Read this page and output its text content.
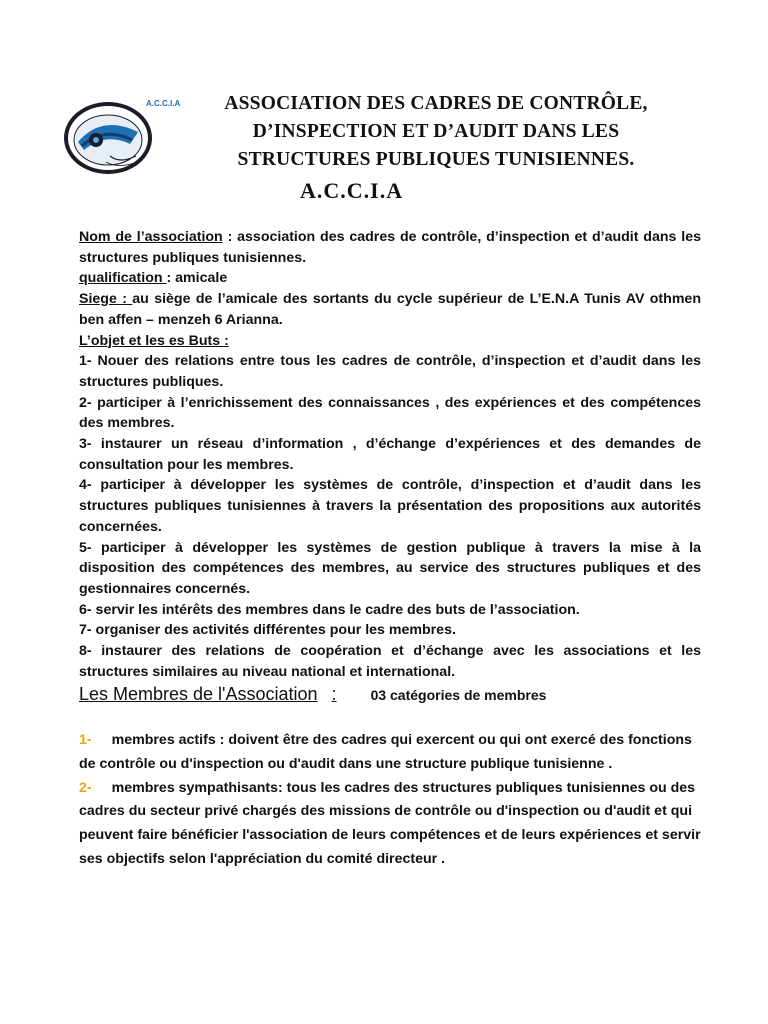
A.C.C.I.A	ASSOCIATION DES CADRES DE CONTRÔLE,
D’INSPECTION ET D’AUDIT DANS LES
STRUCTURES PUBLIQUES TUNISIENNES.
A.C.C.I.A

Nom de l’association : association des cadres de contrôle, d’inspection et d’audit dans les structures publiques tunisiennes.

qualification : amicale

Siege : au siège de l’amicale des sortants du cycle supérieur de L’E.N.A Tunis AV othmen ben affen – menzeh 6 Arianna.

L’objet et les es Buts :

1- Nouer des relations entre tous les cadres de contrôle, d’inspection et d’audit dans les structures publiques.

2- participer à l’enrichissement des connaissances , des expériences et des compétences des membres.

3- instaurer un réseau d’information , d’échange d’expériences et des demandes de consultation pour les membres.

4- participer à développer les systèmes de contrôle, d’inspection et d’audit dans les structures publiques tunisiennes à travers la présentation des propositions aux autorités concernées.

5- participer à développer les systèmes de gestion publique à travers la mise à la disposition des compétences des membres, au service des structures publiques et des gestionnaires concernés.

6- servir les intérêts des membres dans le cadre des buts de l’association.

7- organiser des activités différentes pour les membres.

8- instaurer des relations de coopération et d’échange avec les associations et les structures similaires au niveau national et international.

Les Membres de l'Association : 03 catégories de membres

1- membres actifs : doivent être des cadres qui exercent ou qui ont exercé des fonctions de contrôle ou d'inspection ou d'audit dans une structure publique tunisienne .

2- membres sympathisants: tous les cadres des structures publiques tunisiennes ou des cadres du secteur privé chargés des missions de contrôle ou d'inspection ou d'audit et qui peuvent faire bénéficier l'association de leurs compétences et de leurs expériences et servir ses objectifs selon l'appréciation du comité directeur .
